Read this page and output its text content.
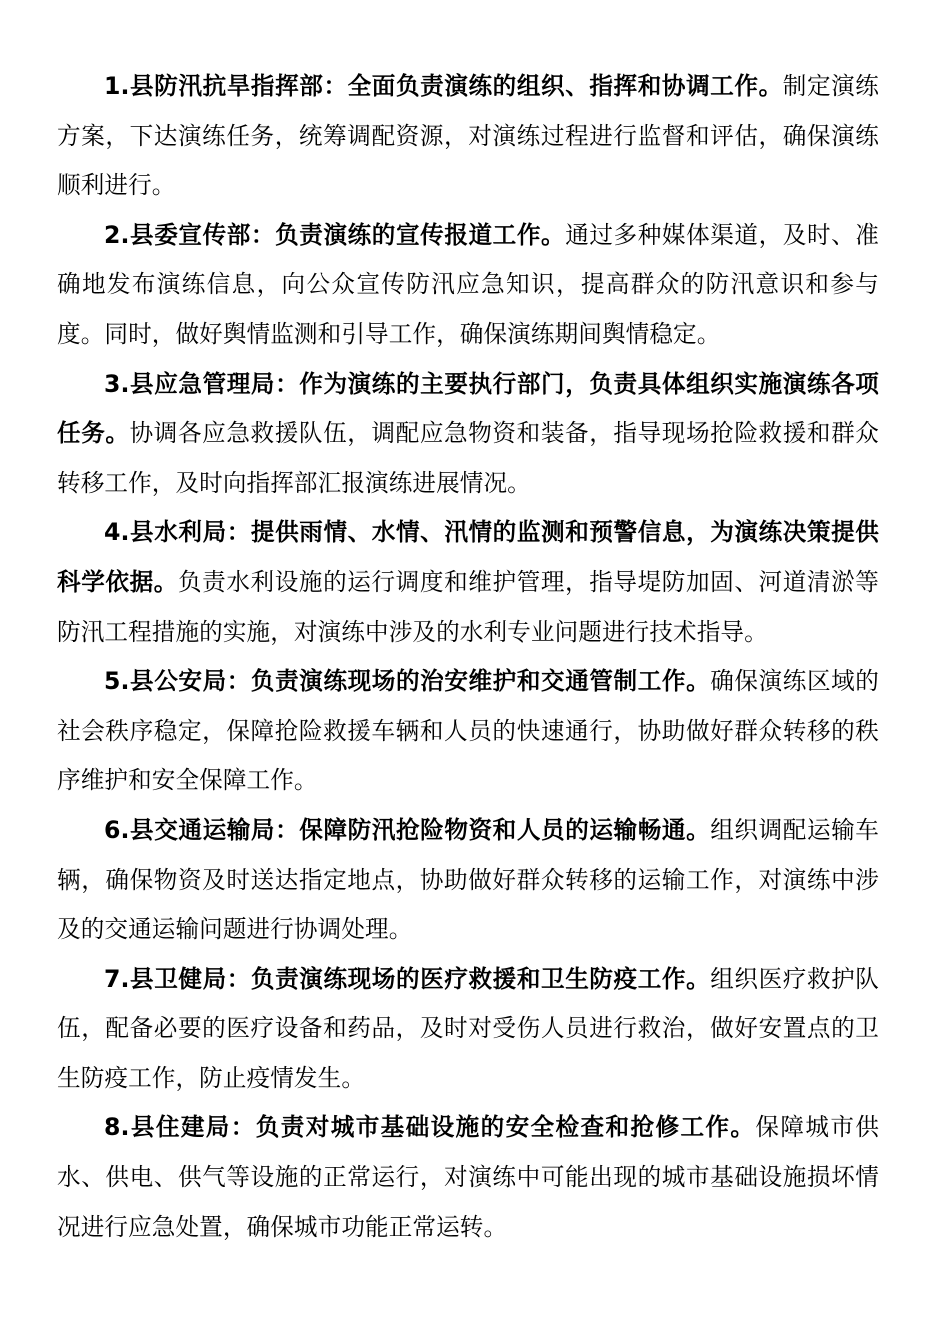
1.县防汛抗旱指挥部：全面负责演练的组织、指挥和协调工作。制定演练方案，下达演练任务，统筹调配资源，对演练过程进行监督和评估，确保演练顺利进行。

2.县委宣传部：负责演练的宣传报道工作。通过多种媒体渠道，及时、准确地发布演练信息，向公众宣传防汛应急知识，提高群众的防汛意识和参与度。同时，做好舆情监测和引导工作，确保演练期间舆情稳定。

3.县应急管理局：作为演练的主要执行部门，负责具体组织实施演练各项任务。协调各应急救援队伍，调配应急物资和装备，指导现场抢险救援和群众转移工作，及时向指挥部汇报演练进展情况。

4.县水利局：提供雨情、水情、汛情的监测和预警信息，为演练决策提供科学依据。负责水利设施的运行调度和维护管理，指导堤防加固、河道清淤等防汛工程措施的实施，对演练中涉及的水利专业问题进行技术指导。

5.县公安局：负责演练现场的治安维护和交通管制工作。确保演练区域的社会秩序稳定，保障抢险救援车辆和人员的快速通行，协助做好群众转移的秩序维护和安全保障工作。

6.县交通运输局：保障防汛抢险物资和人员的运输畅通。组织调配运输车辆，确保物资及时送达指定地点，协助做好群众转移的运输工作，对演练中涉及的交通运输问题进行协调处理。

7.县卫健局：负责演练现场的医疗救援和卫生防疫工作。组织医疗救护队伍，配备必要的医疗设备和药品，及时对受伤人员进行救治，做好安置点的卫生防疫工作，防止疫情发生。

8.县住建局：负责对城市基础设施的安全检查和抢修工作。保障城市供水、供电、供气等设施的正常运行，对演练中可能出现的城市基础设施损坏情况进行应急处置，确保城市功能正常运转。
